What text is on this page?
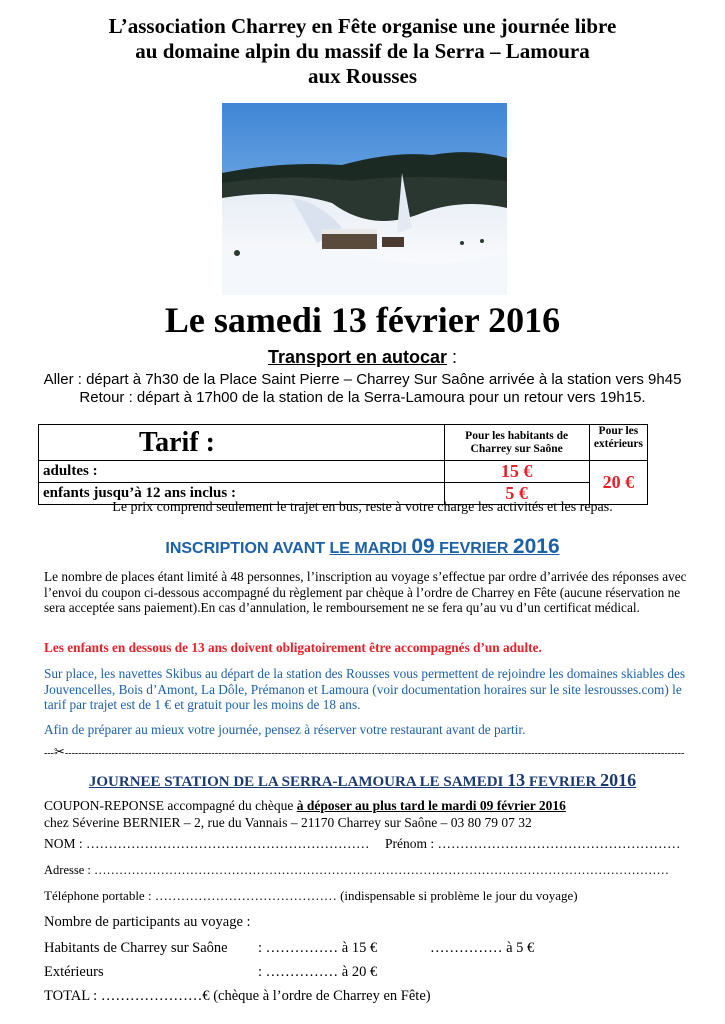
L’association Charrey en Fête organise une journée libre
au domaine alpin du massif de la Serra – Lamoura
aux Rousses
Le samedi 13 février 2016
Transport en autocar :
Aller : départ à 7h30 de la Place Saint Pierre – Charrey Sur Saône arrivée à la station vers 9h45
Retour : départ à 17h00 de la station de la Serra-Lamoura pour un retour vers 19h15.
Tarif :	Pour les habitants de Charrey sur Saône	Pour les extérieurs
adultes :	15 €	20 €
enfants jusqu’à 12 ans inclus :	5 €	
Le prix comprend seulement le trajet en bus, reste à votre charge les activités et les repas.
INSCRIPTION AVANT LE MARDI 09 FEVRIER 2016
Le nombre de places étant limité à 48 personnes, l’inscription au voyage s’effectue par ordre d’arrivée des réponses avec l’envoi du coupon ci-dessous accompagné du règlement par chèque à l’ordre de Charrey en Fête (aucune réservation ne sera acceptée sans paiement).En cas d’annulation, le remboursement ne se fera qu’au vu d’un certificat médical.
Les enfants en dessous de 13 ans doivent obligatoirement être accompagnés d’un adulte.
Sur place, les navettes Skibus au départ de la station des Rousses vous permettent de rejoindre les domaines skiables des Jouvencelles, Bois d’Amont, La Dôle, Prémanon et Lamoura (voir documentation horaires sur le site lesrousses.com) le tarif par trajet est de 1 € et gratuit pour les moins de 18 ans.
Afin de préparer au mieux votre journée, pensez à réserver votre restaurant avant de partir.
---✂------------------------------------------------------------------------------------------------------------------------------------------------------------------------------------------
JOURNEE STATION DE LA SERRA-LAMOURA LE SAMEDI 13 FEVRIER 2016
COUPON-REPONSE accompagné du chèque à déposer au plus tard le mardi 09 février 2016
chez Séverine BERNIER – 2, rue du Vannais – 21170 Charrey sur Saône – 03 80 79 07 32
NOM : ……………………………………………………… Prénom : ………………………………………………
Adresse : …………………………………………………………………………………………………………………………
Téléphone portable : …………………………………… (indispensable si problème le jour du voyage)
Nombre de participants au voyage :
Habitants de Charrey sur Saône : …………… à 15 €	…………… à 5 €
Extérieurs	: …………… à 20 €
TOTAL : …………………€ (chèque à l’ordre de Charrey en Fête)
